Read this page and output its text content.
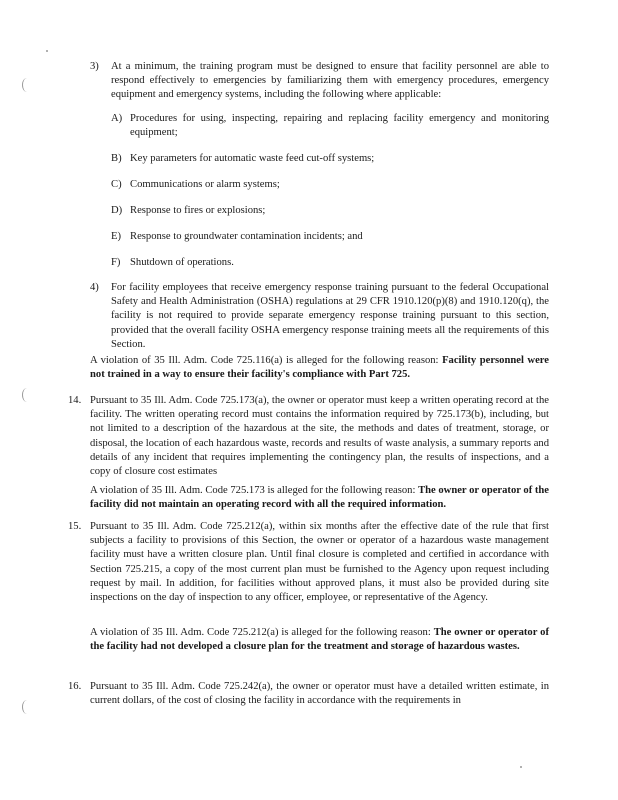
3) At a minimum, the training program must be designed to ensure that facility personnel are able to respond effectively to emergencies by familiarizing them with emergency procedures, emergency equipment and emergency systems, including the following where applicable:

A) Procedures for using, inspecting, repairing and replacing facility emergency and monitoring equipment;

B) Key parameters for automatic waste feed cut-off systems;

C) Communications or alarm systems;

D) Response to fires or explosions;

E) Response to groundwater contamination incidents; and

F) Shutdown of operations.

4) For facility employees that receive emergency response training pursuant to the federal Occupational Safety and Health Administration (OSHA) regulations at 29 CFR 1910.120(p)(8) and 1910.120(q), the facility is not required to provide separate emergency response training pursuant to this section, provided that the overall facility OSHA emergency response training meets all the requirements of this Section.

A violation of 35 Ill. Adm. Code 725.116(a) is alleged for the following reason: Facility personnel were not trained in a way to ensure their facility's compliance with Part 725.

14. Pursuant to 35 Ill. Adm. Code 725.173(a), the owner or operator must keep a written operating record at the facility. The written operating record must contains the information required by 725.173(b), including, but not limited to a description of the hazardous at the site, the methods and dates of treatment, storage, or disposal, the location of each hazardous waste, records and results of waste analysis, a summary reports and details of any incident that requires implementing the contingency plan, the results of inspections, and a copy of closure cost estimates

A violation of 35 Ill. Adm. Code 725.173 is alleged for the following reason: The owner or operator of the facility did not maintain an operating record with all the required information.

15. Pursuant to 35 Ill. Adm. Code 725.212(a), within six months after the effective date of the rule that first subjects a facility to provisions of this Section, the owner or operator of a hazardous waste management facility must have a written closure plan. Until final closure is completed and certified in accordance with Section 725.215, a copy of the most current plan must be furnished to the Agency upon request including request by mail. In addition, for facilities without approved plans, it must also be provided during site inspections on the day of inspection to any officer, employee, or representative of the Agency.

A violation of 35 Ill. Adm. Code 725.212(a) is alleged for the following reason: The owner or operator of the facility had not developed a closure plan for the treatment and storage of hazardous wastes.

16. Pursuant to 35 Ill. Adm. Code 725.242(a), the owner or operator must have a detailed written estimate, in current dollars, of the cost of closing the facility in accordance with the requirements in
